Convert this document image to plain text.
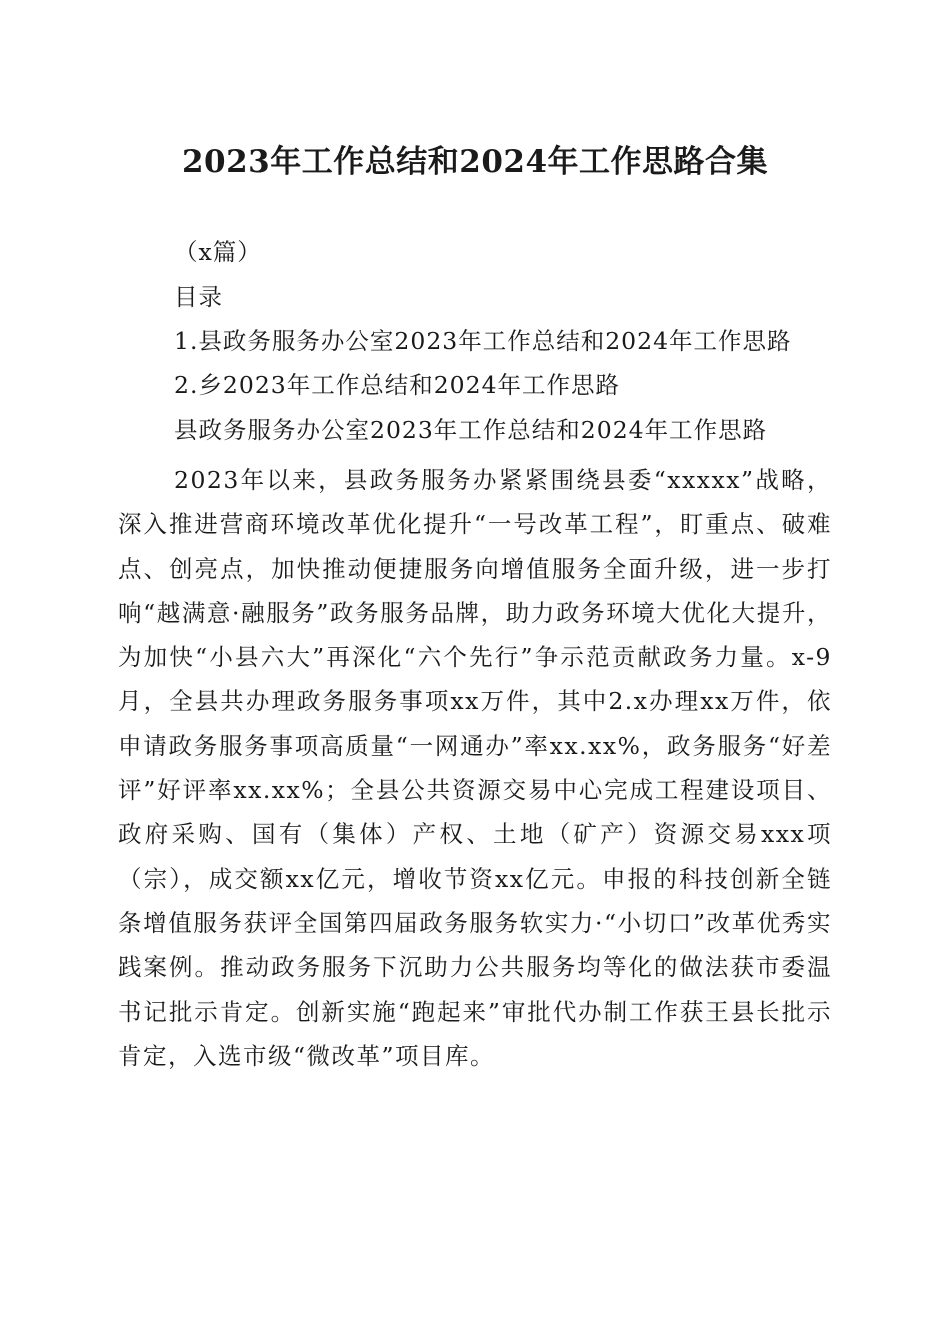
2023年工作总结和2024年工作思路合集
（x篇）
目录
1.县政务服务办公室2023年工作总结和2024年工作思路
2.乡2023年工作总结和2024年工作思路
县政务服务办公室2023年工作总结和2024年工作思路

2023年以来，县政务服务办紧紧围绕县委“xxxxx”战略，深入推进营商环境改革优化提升“一号改革工程”，盯重点、破难点、创亮点，加快推动便捷服务向增值服务全面升级，进一步打响“越满意·融服务”政务服务品牌，助力政务环境大优化大提升，为加快“小县六大”再深化“六个先行”争示范贡献政务力量。x-9月，全县共办理政务服务事项xx万件，其中2.x办理xx万件，依申请政务服务事项高质量“一网通办”率xx.xx%，政务服务“好差评”好评率xx.xx%；全县公共资源交易中心完成工程建设项目、政府采购、国有（集体）产权、土地（矿产）资源交易xxx项（宗），成交额xx亿元，增收节资xx亿元。申报的科技创新全链条增值服务获评全国第四届政务服务软实力·“小切口”改革优秀实践案例。推动政务服务下沉助力公共服务均等化的做法获市委温书记批示肯定。创新实施“跑起来”审批代办制工作获王县长批示肯定，入选市级“微改革”项目库。
